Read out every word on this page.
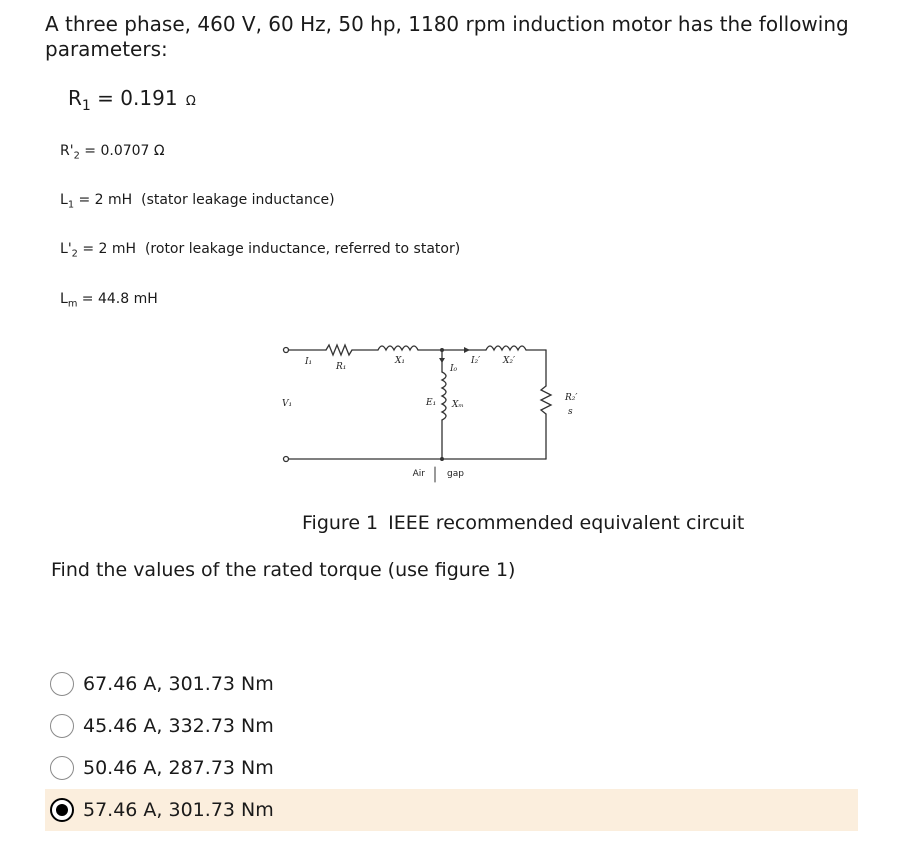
A three phase, 460 V, 60 Hz, 50 hp, 1180 rpm induction motor has the following parameters:
$R_1 = 0.191$ Ω
$R'_2 = 0.0707$ Ω
$L_1 = 2$ mH  (stator leakage inductance)
$L'_2 = 2$ mH  (rotor leakage inductance, referred to stator)
$L_m = 44.8$ mH
I₁	R₁
X₁
I₀
I₂′	X₂′
V₁	E₁ Xₘ
R₂′
s
Air gap
Figure 1 IEEE recommended equivalent circuit
Find the values of the rated torque (use figure 1)
67.46 A, 301.73 Nm
45.46 A, 332.73 Nm
50.46 A, 287.73 Nm
57.46 A, 301.73 Nm
